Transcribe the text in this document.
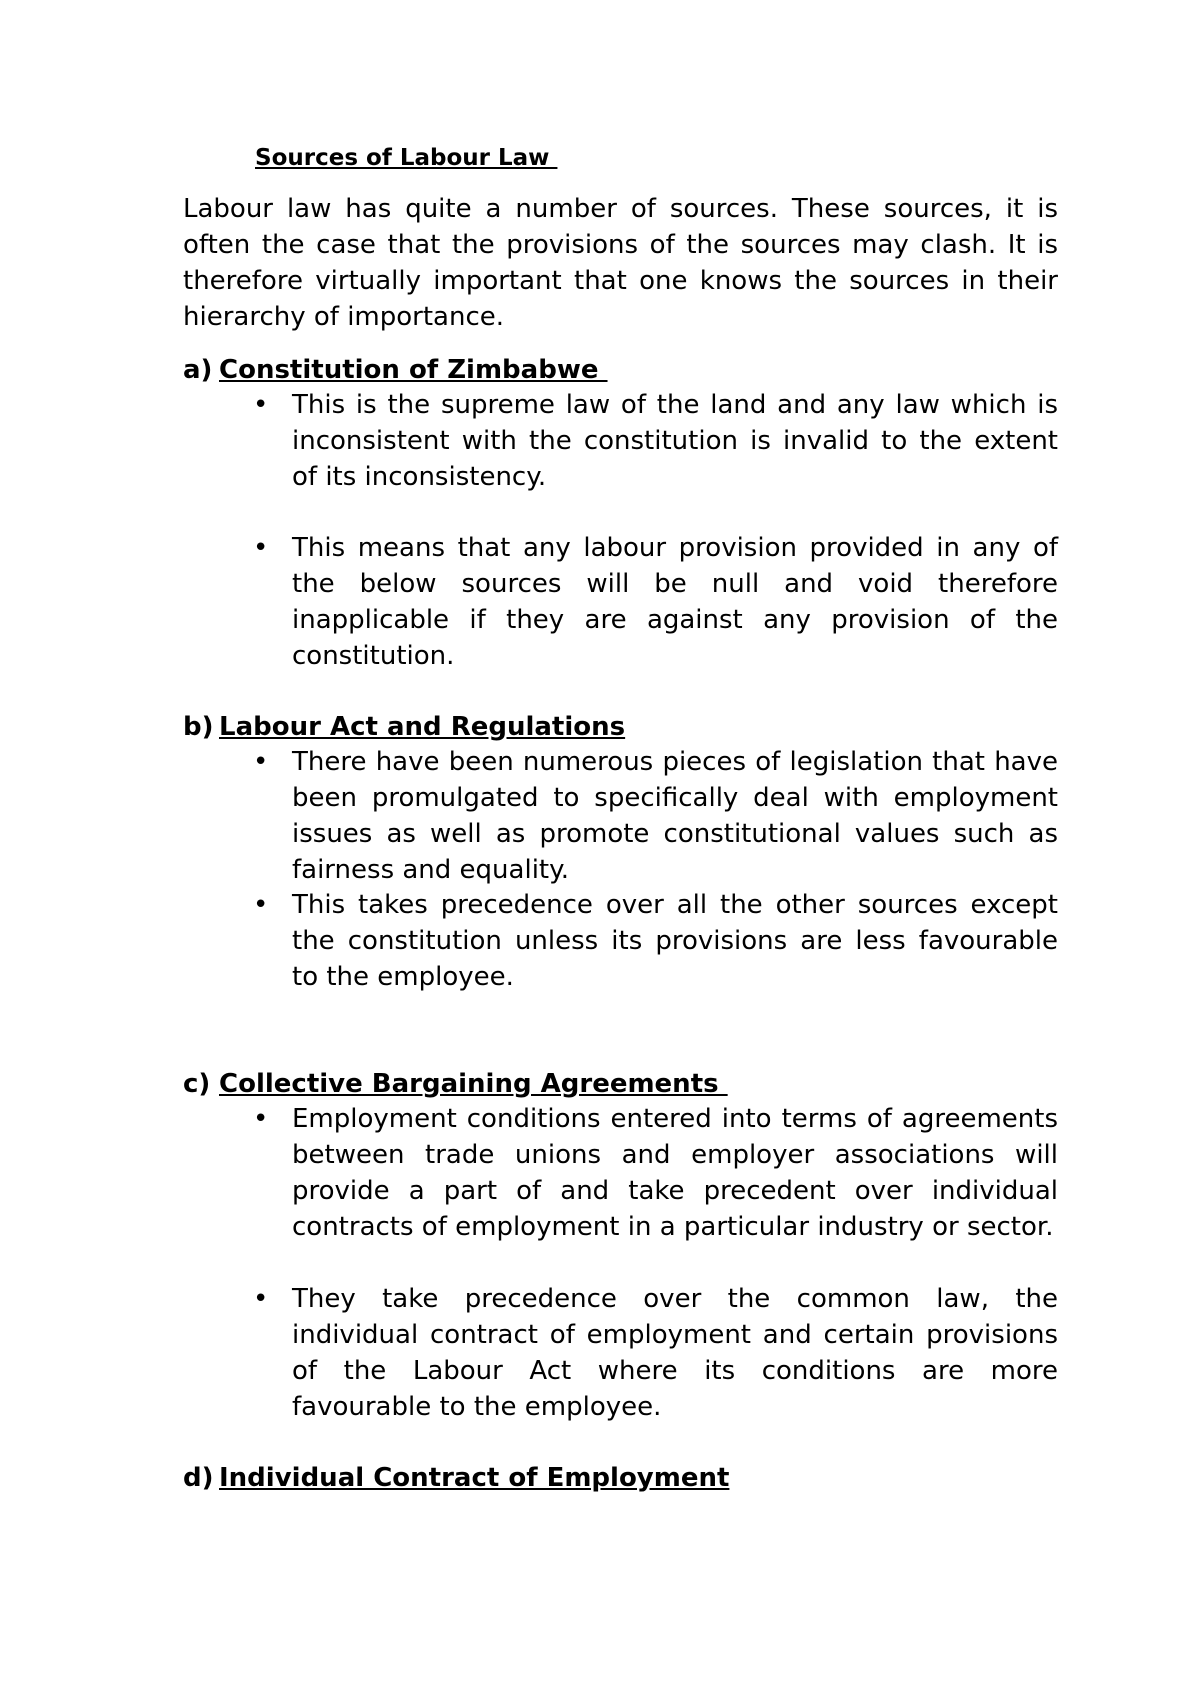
Sources of Labour Law

Labour law has quite a number of sources. These sources, it is often the case that the provisions of the sources may clash. It is therefore virtually important that one knows the sources in their hierarchy of importance.

a) Constitution of Zimbabwe

• This is the supreme law of the land and any law which is inconsistent with the constitution is invalid to the extent of its inconsistency.

• This means that any labour provision provided in any of the below sources will be null and void therefore inapplicable if they are against any provision of the constitution.

b) Labour Act and Regulations

• There have been numerous pieces of legislation that have been promulgated to specifically deal with employment issues as well as promote constitutional values such as fairness and equality.

• This takes precedence over all the other sources except the constitution unless its provisions are less favourable to the employee.

c) Collective Bargaining Agreements

• Employment conditions entered into terms of agreements between trade unions and employer associations will provide a part of and take precedent over individual contracts of employment in a particular industry or sector.

• They take precedence over the common law, the individual contract of employment and certain provisions of the Labour Act where its conditions are more favourable to the employee.

d) Individual Contract of Employment
